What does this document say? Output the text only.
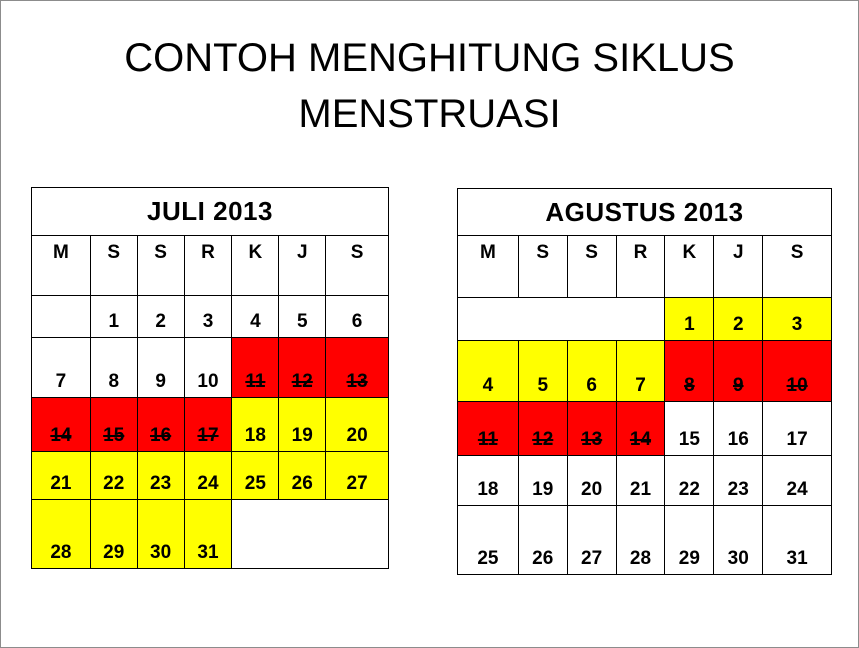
CONTOH MENGHITUNG SIKLUS
MENSTRUASI
JULI 2013						
M	S	S	R	K	J	S
	1	2	3	4	5	6
7	8	9	10	11	12	13
14	15	16	17	18	19	20
21	22	23	24	25	26	27
28	29	30	31			
AGUSTUS 2013						
M	S	S	R	K	J	S
				1	2	3
4	5	6	7	8	9	10
11	12	13	14	15	16	17
18	19	20	21	22	23	24
25	26	27	28	29	30	31
